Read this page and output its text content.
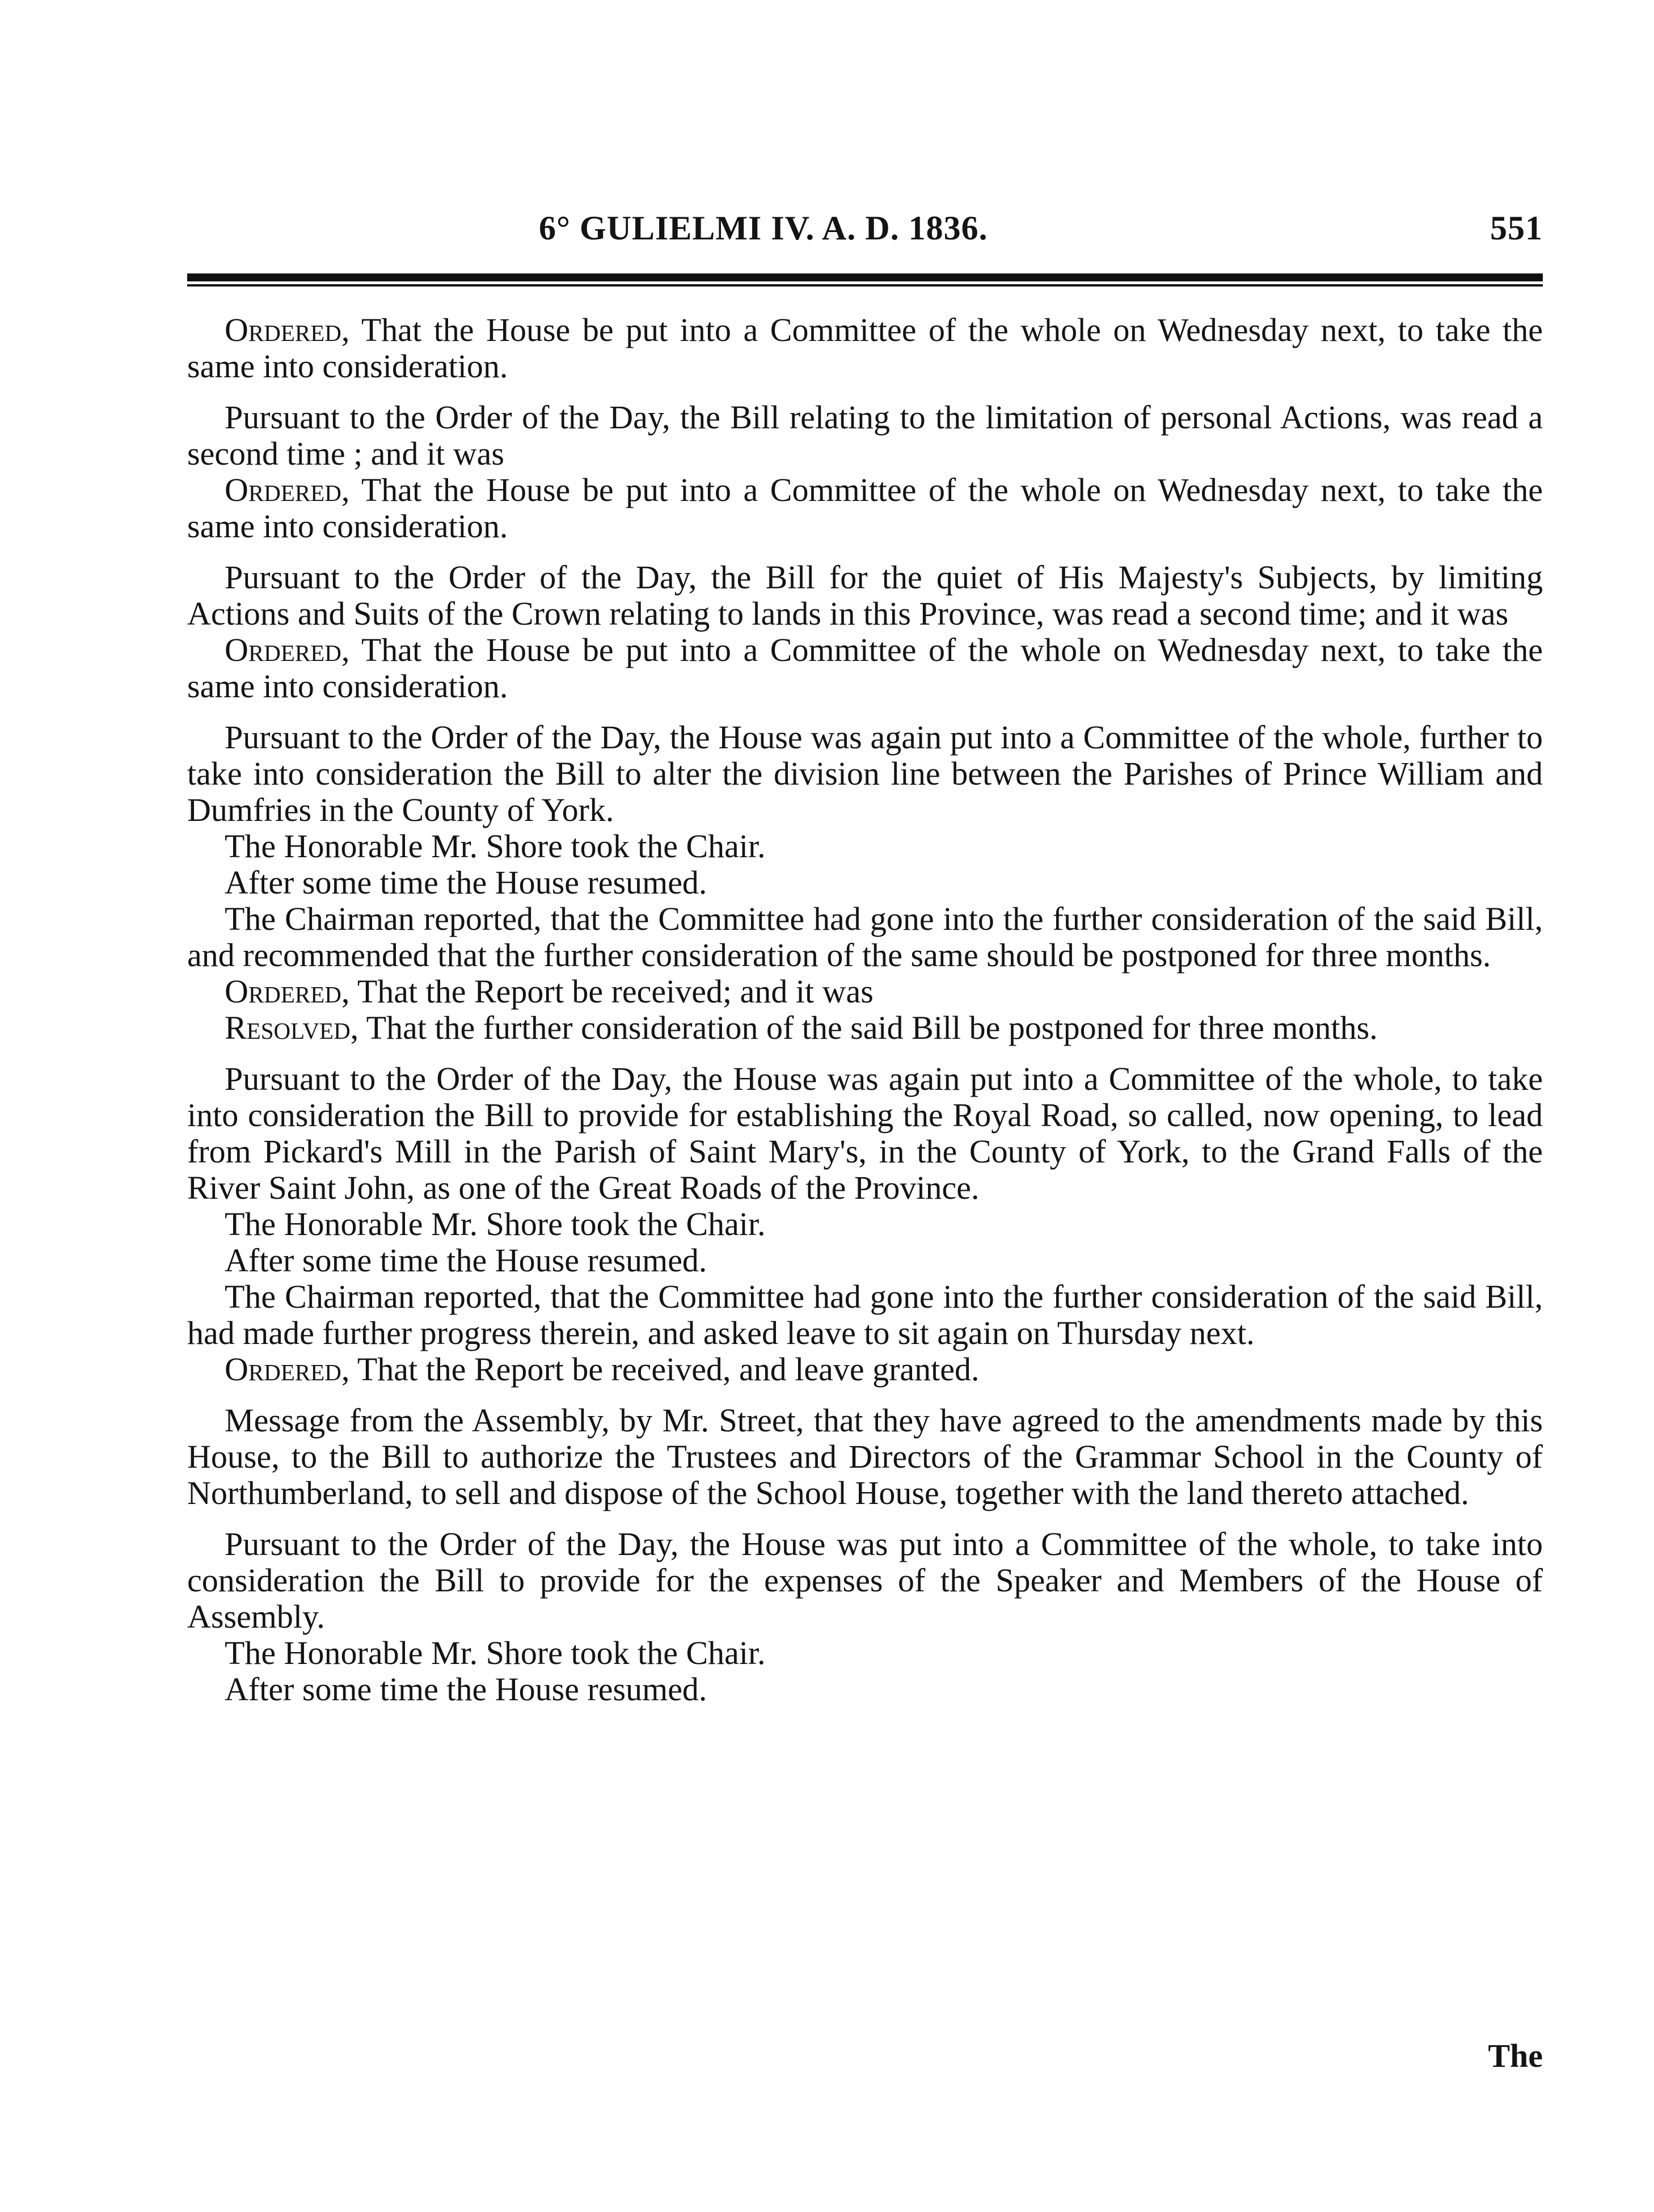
6° GULIELMI IV. A. D. 1836.	551

Ordered, That the House be put into a Committee of the whole on Wednesday next, to take the same into consideration.

Pursuant to the Order of the Day, the Bill relating to the limitation of personal Actions, was read a second time ; and it was

Ordered, That the House be put into a Committee of the whole on Wednesday next, to take the same into consideration.

Pursuant to the Order of the Day, the Bill for the quiet of His Majesty's Subjects, by limiting Actions and Suits of the Crown relating to lands in this Province, was read a second time; and it was

Ordered, That the House be put into a Committee of the whole on Wednesday next, to take the same into consideration.

Pursuant to the Order of the Day, the House was again put into a Committee of the whole, further to take into consideration the Bill to alter the division line between the Parishes of Prince William and Dumfries in the County of York.

The Honorable Mr. Shore took the Chair.

After some time the House resumed.

The Chairman reported, that the Committee had gone into the further consideration of the said Bill, and recommended that the further consideration of the same should be postponed for three months.

Ordered, That the Report be received; and it was

Resolved, That the further consideration of the said Bill be postponed for three months.

Pursuant to the Order of the Day, the House was again put into a Committee of the whole, to take into consideration the Bill to provide for establishing the Royal Road, so called, now opening, to lead from Pickard's Mill in the Parish of Saint Mary's, in the County of York, to the Grand Falls of the River Saint John, as one of the Great Roads of the Province.

The Honorable Mr. Shore took the Chair.

After some time the House resumed.

The Chairman reported, that the Committee had gone into the further consideration of the said Bill, had made further progress therein, and asked leave to sit again on Thursday next.

Ordered, That the Report be received, and leave granted.

Message from the Assembly, by Mr. Street, that they have agreed to the amendments made by this House, to the Bill to authorize the Trustees and Directors of the Grammar School in the County of Northumberland, to sell and dispose of the School House, together with the land thereto attached.

Pursuant to the Order of the Day, the House was put into a Committee of the whole, to take into consideration the Bill to provide for the expenses of the Speaker and Members of the House of Assembly.

The Honorable Mr. Shore took the Chair.

After some time the House resumed.

The
